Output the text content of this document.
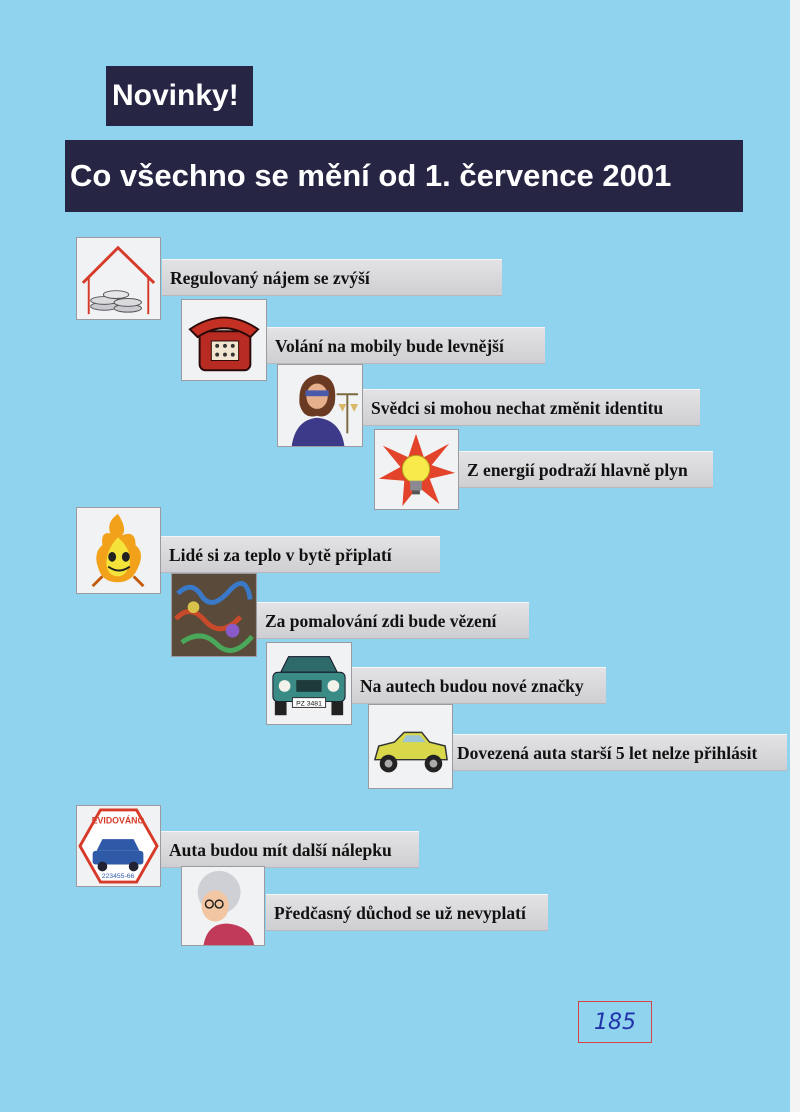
Novinky!
Co všechno se mění od 1. července 2001
Regulovaný nájem se zvýší
Volání na mobily bude levnější
Svědci si mohou nechat změnit identitu
Z energií podraží hlavně plyn
Lidé si za teplo v bytě připlatí
Za pomalování zdi bude vězení
Na autech budou nové značky
PZ 3481
Dovezená auta starší 5 let nelze přihlásit
Auta budou mít další nálepku
EVIDOVÁNO
223455-66
Předčasný důchod se už nevyplatí
185
